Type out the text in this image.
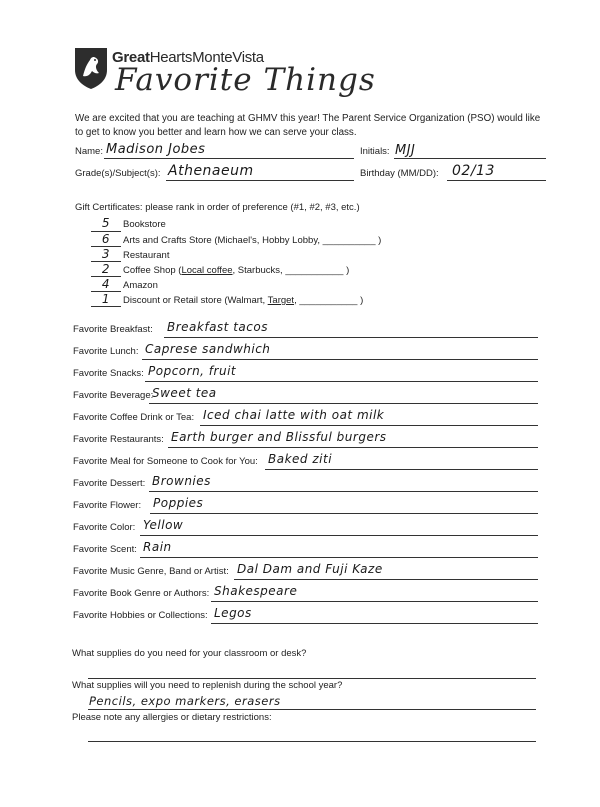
GreatHeartsMonteVista
Favorite Things
We are excited that you are teaching at GHMV this year! The Parent Service Organization (PSO) would like to get to know you better and learn how we can serve your class.
Name: Madison Jobes	Initials: MJJ
Grade(s)/Subject(s): Athenaeum	Birthday (MM/DD): 02/13
Gift Certificates: please rank in order of preference (#1, #2, #3, etc.)
5	Bookstore
6	Arts and Crafts Store (Michael's, Hobby Lobby, __________ )
3	Restaurant
2	Coffee Shop (Local coffee, Starbucks, ___________ )
4	Amazon
1	Discount or Retail store (Walmart, Target, ___________ )
Favorite Breakfast: Breakfast tacos
Favorite Lunch: Caprese sandwhich
Favorite Snacks: Popcorn, fruit
Favorite Beverage:
Sweet tea
Favorite Coffee Drink or Tea: Iced chai latte with oat milk
Favorite Restaurants: Earth burger and Blissful burgers
Favorite Meal for Someone to Cook for You: Baked ziti
Favorite Dessert: Brownies
Favorite Flower: Poppies
Favorite Color: Yellow
Favorite Scent: Rain
Favorite Music Genre, Band or Artist: Dal Dam and Fuji Kaze
Favorite Book Genre or Authors: Shakespeare
Favorite Hobbies or Collections: Legos
What supplies do you need for your classroom or desk?
What supplies will you need to replenish during the school year?
Pencils, expo markers, erasers
Please note any allergies or dietary restrictions:
